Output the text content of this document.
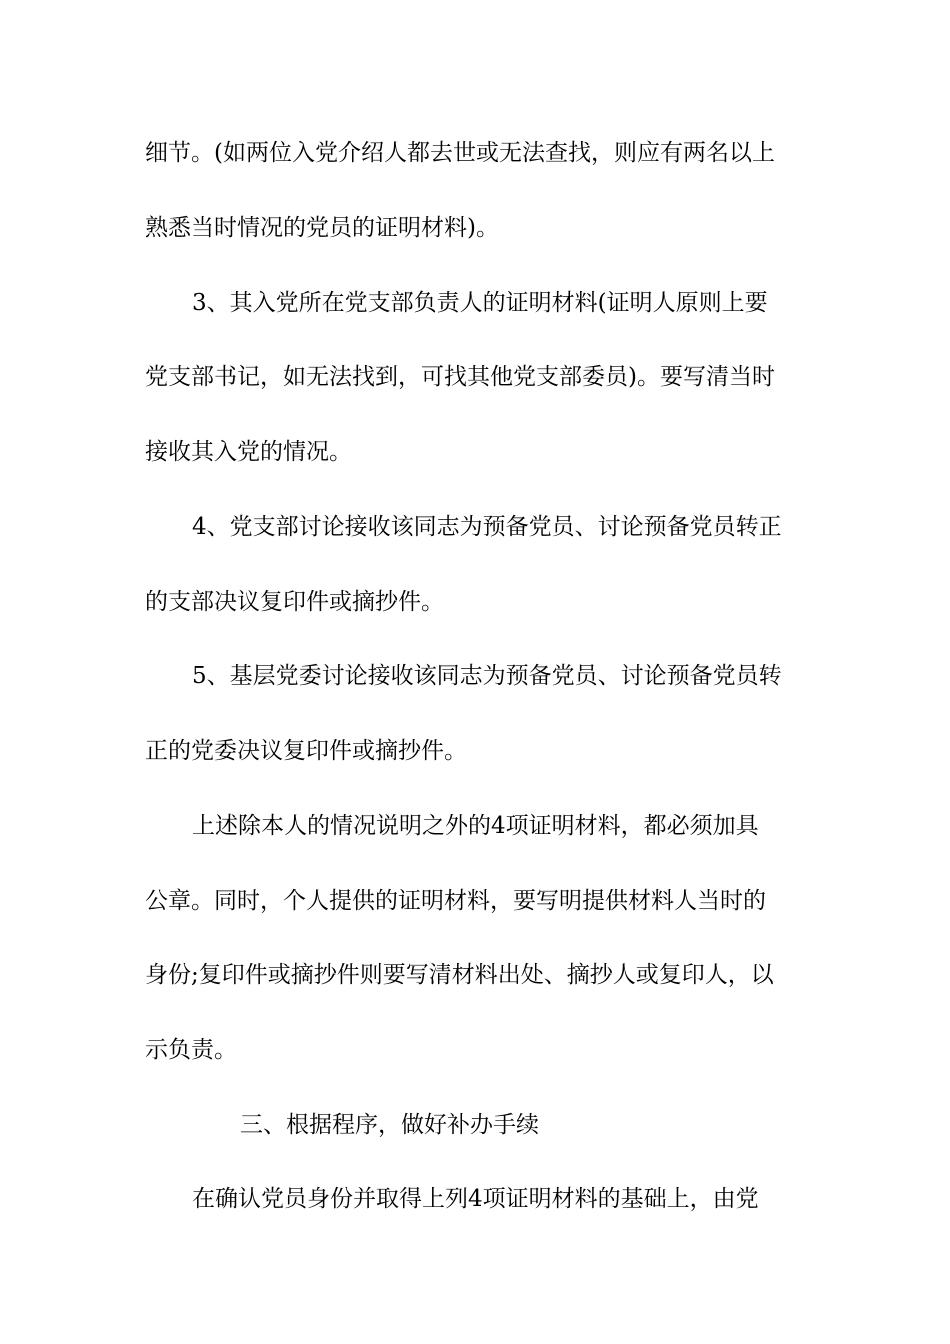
细节。(如两位入党介绍人都去世或无法查找，则应有两名以上
熟悉当时情况的党员的证明材料)。
3、其入党所在党支部负责人的证明材料(证明人原则上要
党支部书记，如无法找到，可找其他党支部委员)。要写清当时
接收其入党的情况。
4、党支部讨论接收该同志为预备党员、讨论预备党员转正
的支部决议复印件或摘抄件。
5、基层党委讨论接收该同志为预备党员、讨论预备党员转
正的党委决议复印件或摘抄件。
上述除本人的情况说明之外的4项证明材料，都必须加具
公章。同时，个人提供的证明材料，要写明提供材料人当时的
身份;复印件或摘抄件则要写清材料出处、摘抄人或复印人，以
示负责。
三、根据程序，做好补办手续
在确认党员身份并取得上列4项证明材料的基础上，由党
